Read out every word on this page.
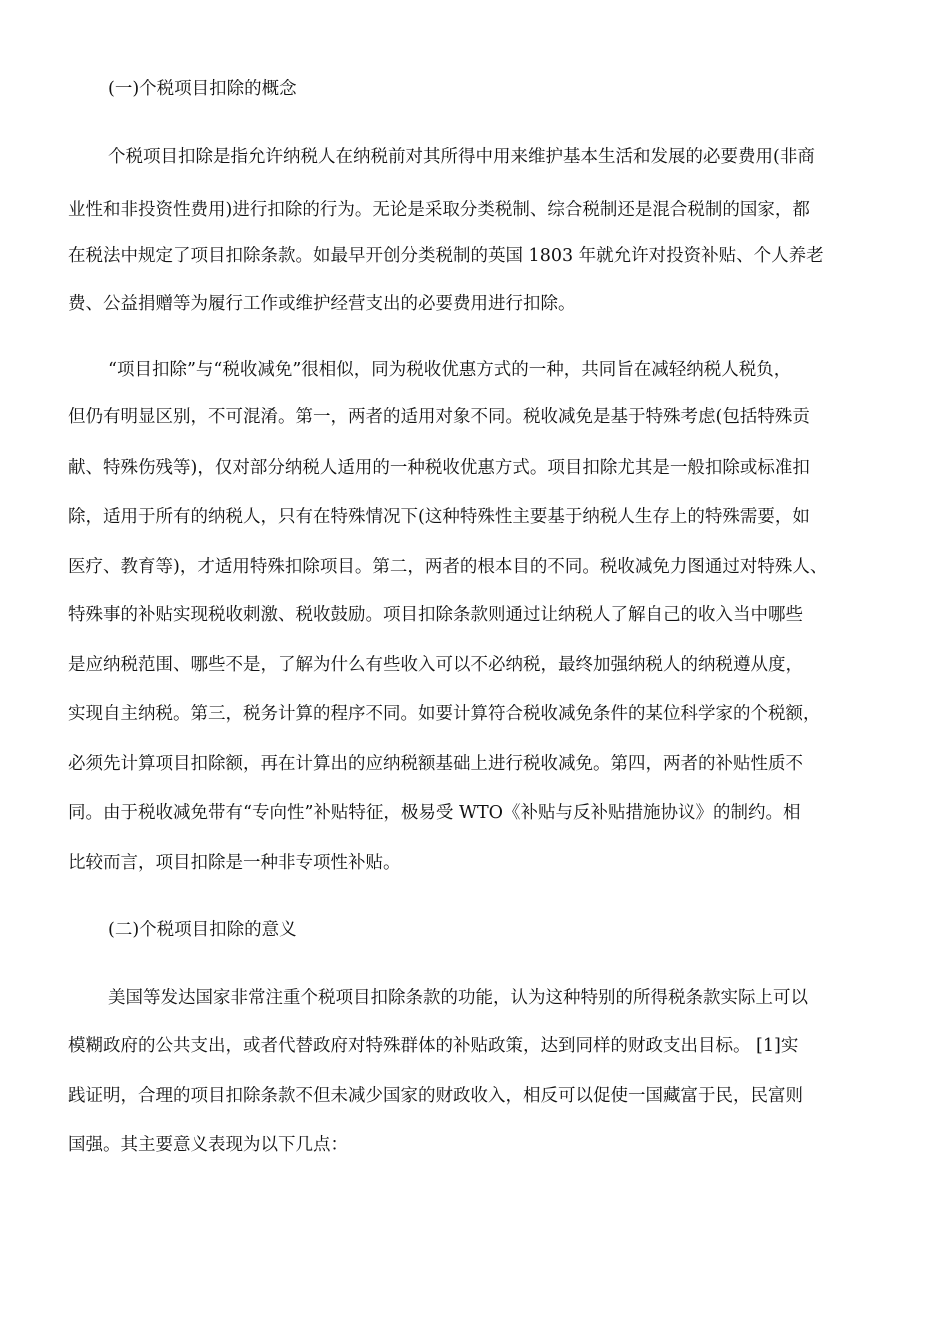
(一)个税项目扣除的概念
个税项目扣除是指允许纳税人在纳税前对其所得中用来维护基本生活和发展的必要费用(非商
业性和非投资性费用)进行扣除的行为。无论是采取分类税制、综合税制还是混合税制的国家，都
在税法中规定了项目扣除条款。如最早开创分类税制的英国 1803 年就允许对投资补贴、个人养老
费、公益捐赠等为履行工作或维护经营支出的必要费用进行扣除。
“项目扣除”与“税收减免”很相似，同为税收优惠方式的一种，共同旨在减轻纳税人税负，
但仍有明显区别，不可混淆。第一，两者的适用对象不同。税收减免是基于特殊考虑(包括特殊贡
献、特殊伤残等)，仅对部分纳税人适用的一种税收优惠方式。项目扣除尤其是一般扣除或标准扣
除，适用于所有的纳税人，只有在特殊情况下(这种特殊性主要基于纳税人生存上的特殊需要，如
医疗、教育等)，才适用特殊扣除项目。第二，两者的根本目的不同。税收减免力图通过对特殊人、
特殊事的补贴实现税收刺激、税收鼓励。项目扣除条款则通过让纳税人了解自己的收入当中哪些
是应纳税范围、哪些不是，了解为什么有些收入可以不必纳税，最终加强纳税人的纳税遵从度，
实现自主纳税。第三，税务计算的程序不同。如要计算符合税收减免条件的某位科学家的个税额，
必须先计算项目扣除额，再在计算出的应纳税额基础上进行税收减免。第四，两者的补贴性质不
同。由于税收减免带有“专向性”补贴特征，极易受 WTO《补贴与反补贴措施协议》的制约。相
比较而言，项目扣除是一种非专项性补贴。
(二)个税项目扣除的意义
美国等发达国家非常注重个税项目扣除条款的功能，认为这种特别的所得税条款实际上可以
模糊政府的公共支出，或者代替政府对特殊群体的补贴政策，达到同样的财政支出目标。 [1]实
践证明，合理的项目扣除条款不但未减少国家的财政收入，相反可以促使一国藏富于民，民富则
国强。其主要意义表现为以下几点：
